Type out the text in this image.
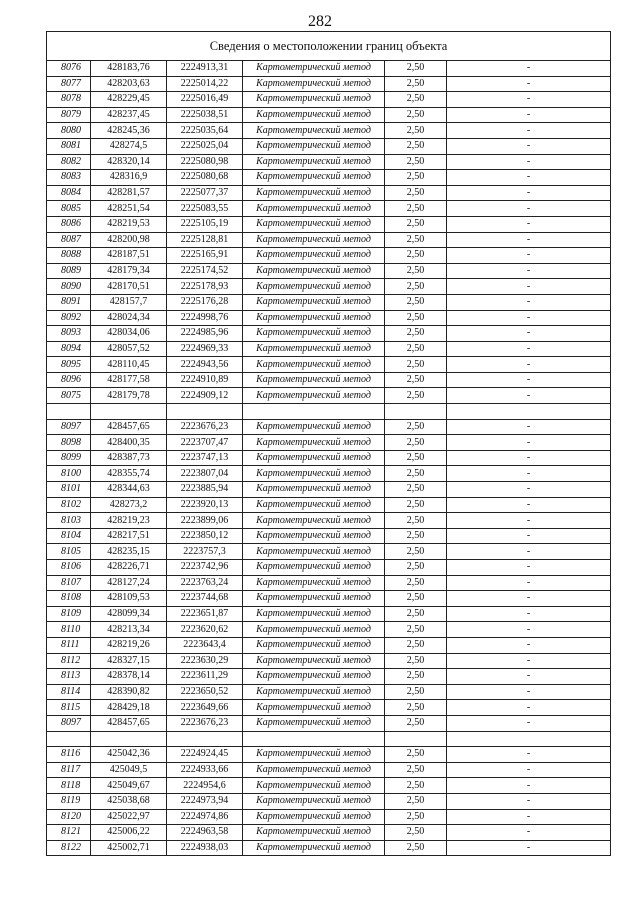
282
Сведения о местоположении границ объекта					
8076	428183,76	2224913,31	Картометрический метод	2,50	-
8077	428203,63	2225014,22	Картометрический метод	2,50	-
8078	428229,45	2225016,49	Картометрический метод	2,50	-
8079	428237,45	2225038,51	Картометрический метод	2,50	-
8080	428245,36	2225035,64	Картометрический метод	2,50	-
8081	428274,5	2225025,04	Картометрический метод	2,50	-
8082	428320,14	2225080,98	Картометрический метод	2,50	-
8083	428316,9	2225080,68	Картометрический метод	2,50	-
8084	428281,57	2225077,37	Картометрический метод	2,50	-
8085	428251,54	2225083,55	Картометрический метод	2,50	-
8086	428219,53	2225105,19	Картометрический метод	2,50	-
8087	428200,98	2225128,81	Картометрический метод	2,50	-
8088	428187,51	2225165,91	Картометрический метод	2,50	-
8089	428179,34	2225174,52	Картометрический метод	2,50	-
8090	428170,51	2225178,93	Картометрический метод	2,50	-
8091	428157,7	2225176,28	Картометрический метод	2,50	-
8092	428024,34	2224998,76	Картометрический метод	2,50	-
8093	428034,06	2224985,96	Картометрический метод	2,50	-
8094	428057,52	2224969,33	Картометрический метод	2,50	-
8095	428110,45	2224943,56	Картометрический метод	2,50	-
8096	428177,58	2224910,89	Картометрический метод	2,50	-
8075	428179,78	2224909,12	Картометрический метод	2,50	-

8097	428457,65	2223676,23	Картометрический метод	2,50	-
8098	428400,35	2223707,47	Картометрический метод	2,50	-
8099	428387,73	2223747,13	Картометрический метод	2,50	-
8100	428355,74	2223807,04	Картометрический метод	2,50	-
8101	428344,63	2223885,94	Картометрический метод	2,50	-
8102	428273,2	2223920,13	Картометрический метод	2,50	-
8103	428219,23	2223899,06	Картометрический метод	2,50	-
8104	428217,51	2223850,12	Картометрический метод	2,50	-
8105	428235,15	2223757,3	Картометрический метод	2,50	-
8106	428226,71	2223742,96	Картометрический метод	2,50	-
8107	428127,24	2223763,24	Картометрический метод	2,50	-
8108	428109,53	2223744,68	Картометрический метод	2,50	-
8109	428099,34	2223651,87	Картометрический метод	2,50	-
8110	428213,34	2223620,62	Картометрический метод	2,50	-
8111	428219,26	2223643,4	Картометрический метод	2,50	-
8112	428327,15	2223630,29	Картометрический метод	2,50	-
8113	428378,14	2223611,29	Картометрический метод	2,50	-
8114	428390,82	2223650,52	Картометрический метод	2,50	-
8115	428429,18	2223649,66	Картометрический метод	2,50	-
8097	428457,65	2223676,23	Картометрический метод	2,50	-

8116	425042,36	2224924,45	Картометрический метод	2,50	-
8117	425049,5	2224933,66	Картометрический метод	2,50	-
8118	425049,67	2224954,6	Картометрический метод	2,50	-
8119	425038,68	2224973,94	Картометрический метод	2,50	-
8120	425022,97	2224974,86	Картометрический метод	2,50	-
8121	425006,22	2224963,58	Картометрический метод	2,50	-
8122	425002,71	2224938,03	Картометрический метод	2,50	-
